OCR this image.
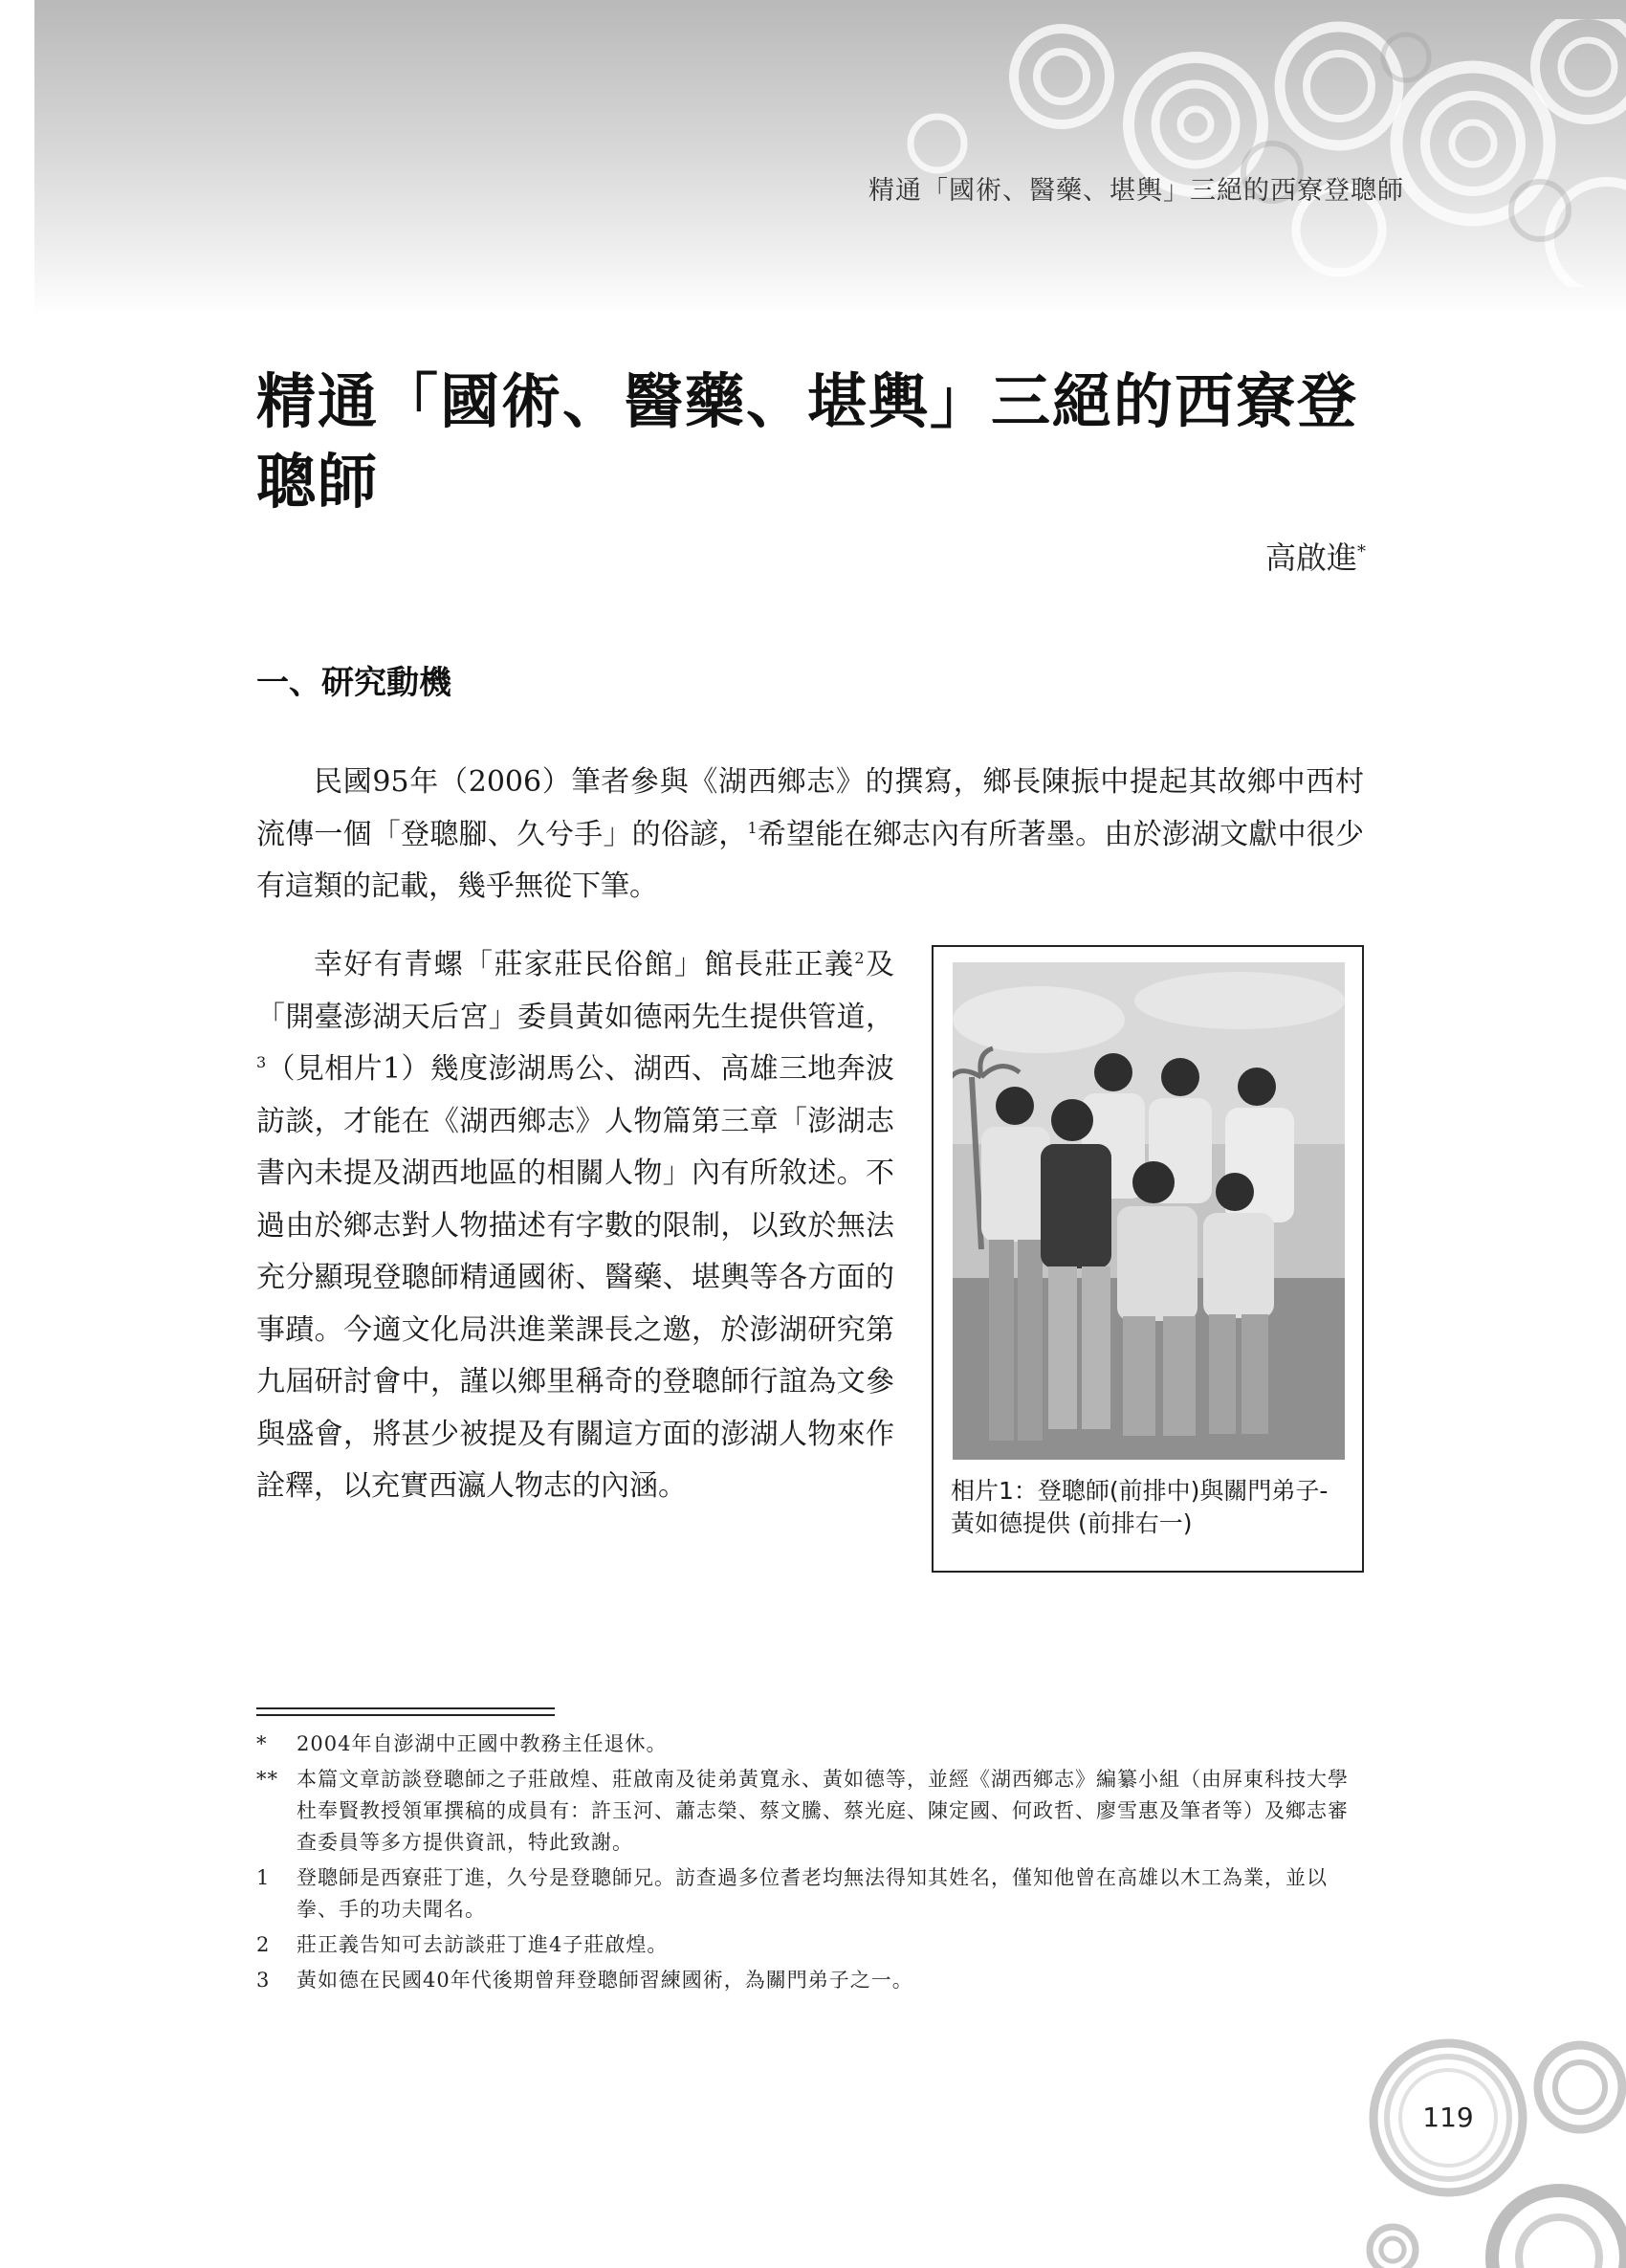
精通「國術、醫藥、堪輿」三絕的西寮登聰師
精通「國術、醫藥、堪輿」三絕的西寮登
聰師
高啟進*
一、研究動機

民國95年（2006）筆者參與《湖西鄉志》的撰寫，鄉長陳振中提起其故鄉中西村流傳一個「登聰腳、久兮手」的俗諺，$^1$希望能在鄉志內有所著墨。由於澎湖文獻中很少有這類的記載，幾乎無從下筆。

幸好有青螺「莊家莊民俗館」館長莊正義$^2$及「開臺澎湖天后宮」委員黃如德兩先生提供管道，$^3$（見相片1）幾度澎湖馬公、湖西、高雄三地奔波訪談，才能在《湖西鄉志》人物篇第三章「澎湖志書內未提及湖西地區的相關人物」內有所敘述。不過由於鄉志對人物描述有字數的限制，以致於無法充分顯現登聰師精通國術、醫藥、堪輿等各方面的事蹟。今適文化局洪進業課長之邀，於澎湖研究第九屆研討會中，謹以鄉里稱奇的登聰師行誼為文參與盛會，將甚少被提及有關這方面的澎湖人物來作詮釋，以充實西瀛人物志的內涵。	相片1：登聰師(前排中)與關門弟子-
黃如德提供 (前排右一)

* 2004年自澎湖中正國中教務主任退休。

** 本篇文章訪談登聰師之子莊啟煌、莊啟南及徒弟黃寬永、黃如德等，並經《湖西鄉志》編纂小組（由屏東科技大學杜奉賢教授領軍撰稿的成員有：許玉河、蕭志榮、蔡文騰、蔡光庭、陳定國、何政哲、廖雪惠及筆者等）及鄉志審查委員等多方提供資訊，特此致謝。

1 登聰師是西寮莊丁進，久兮是登聰師兄。訪查過多位耆老均無法得知其姓名，僅知他曾在高雄以木工為業，並以拳、手的功夫聞名。

2 莊正義告知可去訪談莊丁進4子莊啟煌。

3 黃如德在民國40年代後期曾拜登聰師習練國術，為關門弟子之一。

119
